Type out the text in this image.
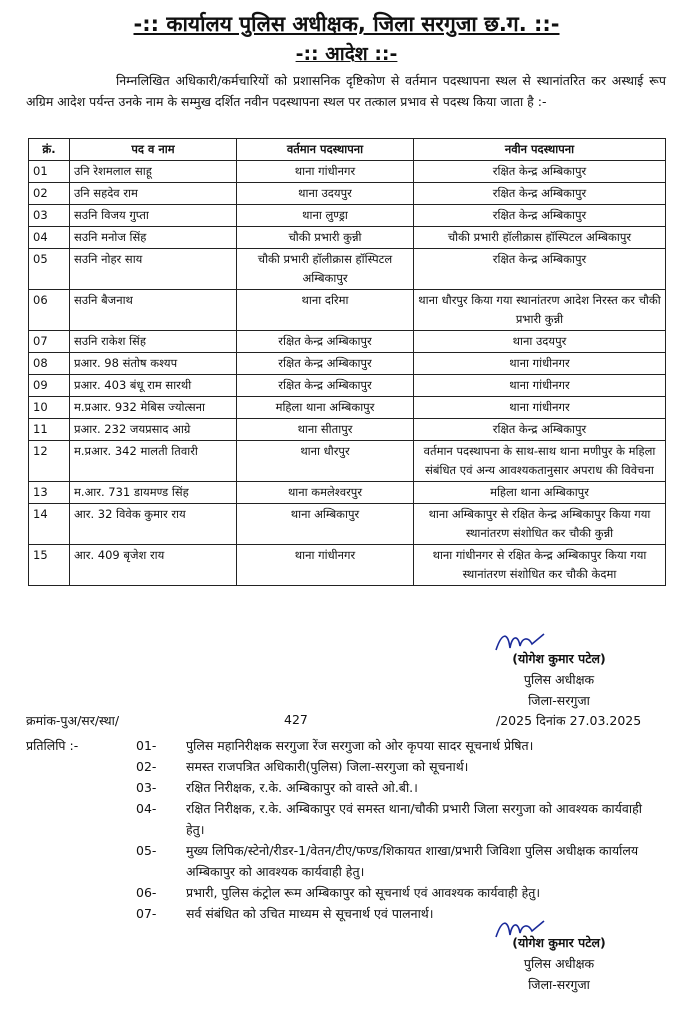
-:: कार्यालय पुलिस अधीक्षक, जिला सरगुजा छ.ग. ::-
-:: आदेश ::-
निम्नलिखित अधिकारी/कर्मचारियों को प्रशासनिक दृष्टिकोण से वर्तमान पदस्थापना स्थल से स्थानांतरित कर अस्थाई रूप अग्रिम आदेश पर्यन्त उनके नाम के सम्मुख दर्शित नवीन पदस्थापना स्थल पर तत्काल प्रभाव से पदस्थ किया जाता है :-
क्रं.	पद व नाम	वर्तमान पदस्थापना	नवीन पदस्थापना
01	उनि रेशमलाल साहू	थाना गांधीनगर	रक्षित केन्द्र अम्बिकापुर
02	उनि सहदेव राम	थाना उदयपुर	रक्षित केन्द्र अम्बिकापुर
03	सउनि विजय गुप्ता	थाना लुण्ड्रा	रक्षित केन्द्र अम्बिकापुर
04	सउनि मनोज सिंह	चौकी प्रभारी कुन्नी	चौकी प्रभारी हॉलीक्रास हॉस्पिटल अम्बिकापुर
05	सउनि नोहर साय	चौकी प्रभारी हॉलीक्रास हॉस्पिटल अम्बिकापुर	रक्षित केन्द्र अम्बिकापुर
06	सउनि बैजनाथ	थाना दरिमा	थाना धौरपुर किया गया स्थानांतरण आदेश निरस्त कर चौकी प्रभारी कुन्नी
07	सउनि राकेश सिंह	रक्षित केन्द्र अम्बिकापुर	थाना उदयपुर
08	प्रआर. 98 संतोष कश्यप	रक्षित केन्द्र अम्बिकापुर	थाना गांधीनगर
09	प्रआर. 403 बंधू राम सारथी	रक्षित केन्द्र अम्बिकापुर	थाना गांधीनगर
10	म.प्रआर. 932 मेबिस ज्योत्सना	महिला थाना अम्बिकापुर	थाना गांधीनगर
11	प्रआर. 232 जयप्रसाद आग्रे	थाना सीतापुर	रक्षित केन्द्र अम्बिकापुर
12	म.प्रआर. 342 मालती तिवारी	थाना धौरपुर	वर्तमान पदस्थापना के साथ-साथ थाना मणीपुर के महिला संबंधित एवं अन्य आवश्यकतानुसार अपराध की विवेचना
13	म.आर. 731 डायमण्ड सिंह	थाना कमलेश्वरपुर	महिला थाना अम्बिकापुर
14	आर. 32 विवेक कुमार राय	थाना अम्बिकापुर	थाना अम्बिकापुर से रक्षित केन्द्र अम्बिकापुर किया गया स्थानांतरण संशोधित कर चौकी कुन्नी
15	आर. 409 बृजेश राय	थाना गांधीनगर	थाना गांधीनगर से रक्षित केन्द्र अम्बिकापुर किया गया स्थानांतरण संशोधित कर चौकी केदमा
(योगेश कुमार पटेल)
पुलिस अधीक्षक
जिला-सरगुजा
क्रमांक-पुअ/सर/स्था/	427	/2025 दिनांक 27.03.2025
प्रतिलिपि :-	01- पुलिस महानिरीक्षक सरगुजा रेंज सरगुजा को ओर कृपया सादर सूचनार्थ प्रेषित।
02- समस्त राजपत्रित अधिकारी(पुलिस) जिला-सरगुजा को सूचनार्थ।
03- रक्षित निरीक्षक, र.के. अम्बिकापुर को वास्ते ओ.बी.।
04- रक्षित निरीक्षक, र.के. अम्बिकापुर एवं समस्त थाना/चौकी प्रभारी जिला सरगुजा को आवश्यक कार्यवाही हेतु।
05- मुख्य लिपिक/स्टेनो/रीडर-1/वेतन/टीए/फण्ड/शिकायत शाखा/प्रभारी जिविशा पुलिस अधीक्षक कार्यालय अम्बिकापुर को आवश्यक कार्यवाही हेतु।
06- प्रभारी, पुलिस कंट्रोल रूम अम्बिकापुर को सूचनार्थ एवं आवश्यक कार्यवाही हेतु।
07- सर्व संबंधित को उचित माध्यम से सूचनार्थ एवं पालनार्थ।
(योगेश कुमार पटेल)
पुलिस अधीक्षक
जिला-सरगुजा
